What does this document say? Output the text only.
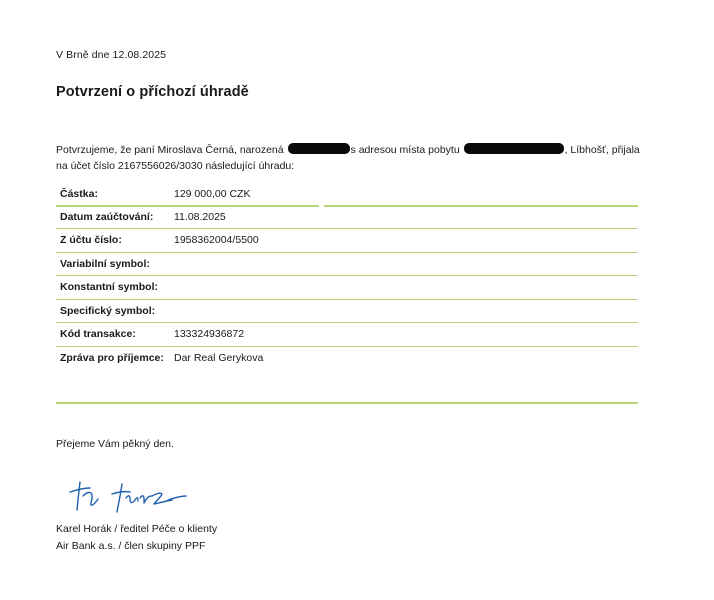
V Brně dne 12.08.2025
Potvrzení o příchozí úhradě
Potvrzujeme, že paní Miroslava Černá, narozená	s adresou místa pobytu	, Líbhošť, přijala
na účet číslo 2167556026/3030 následující úhradu:
Částka:	129 000,00 CZK
Datum zaúčtování: 11.08.2025
Z účtu číslo:	1958362004/5500
Variabilní symbol:
Konstantní symbol:
Specifický symbol:
Kód transakce:	133324936872
Zpráva pro příjemce: Dar Real Gerykova
Přejeme Vám pěkný den.
Karel Horák / ředitel Péče o klienty
Air Bank a.s. / člen skupiny PPF
